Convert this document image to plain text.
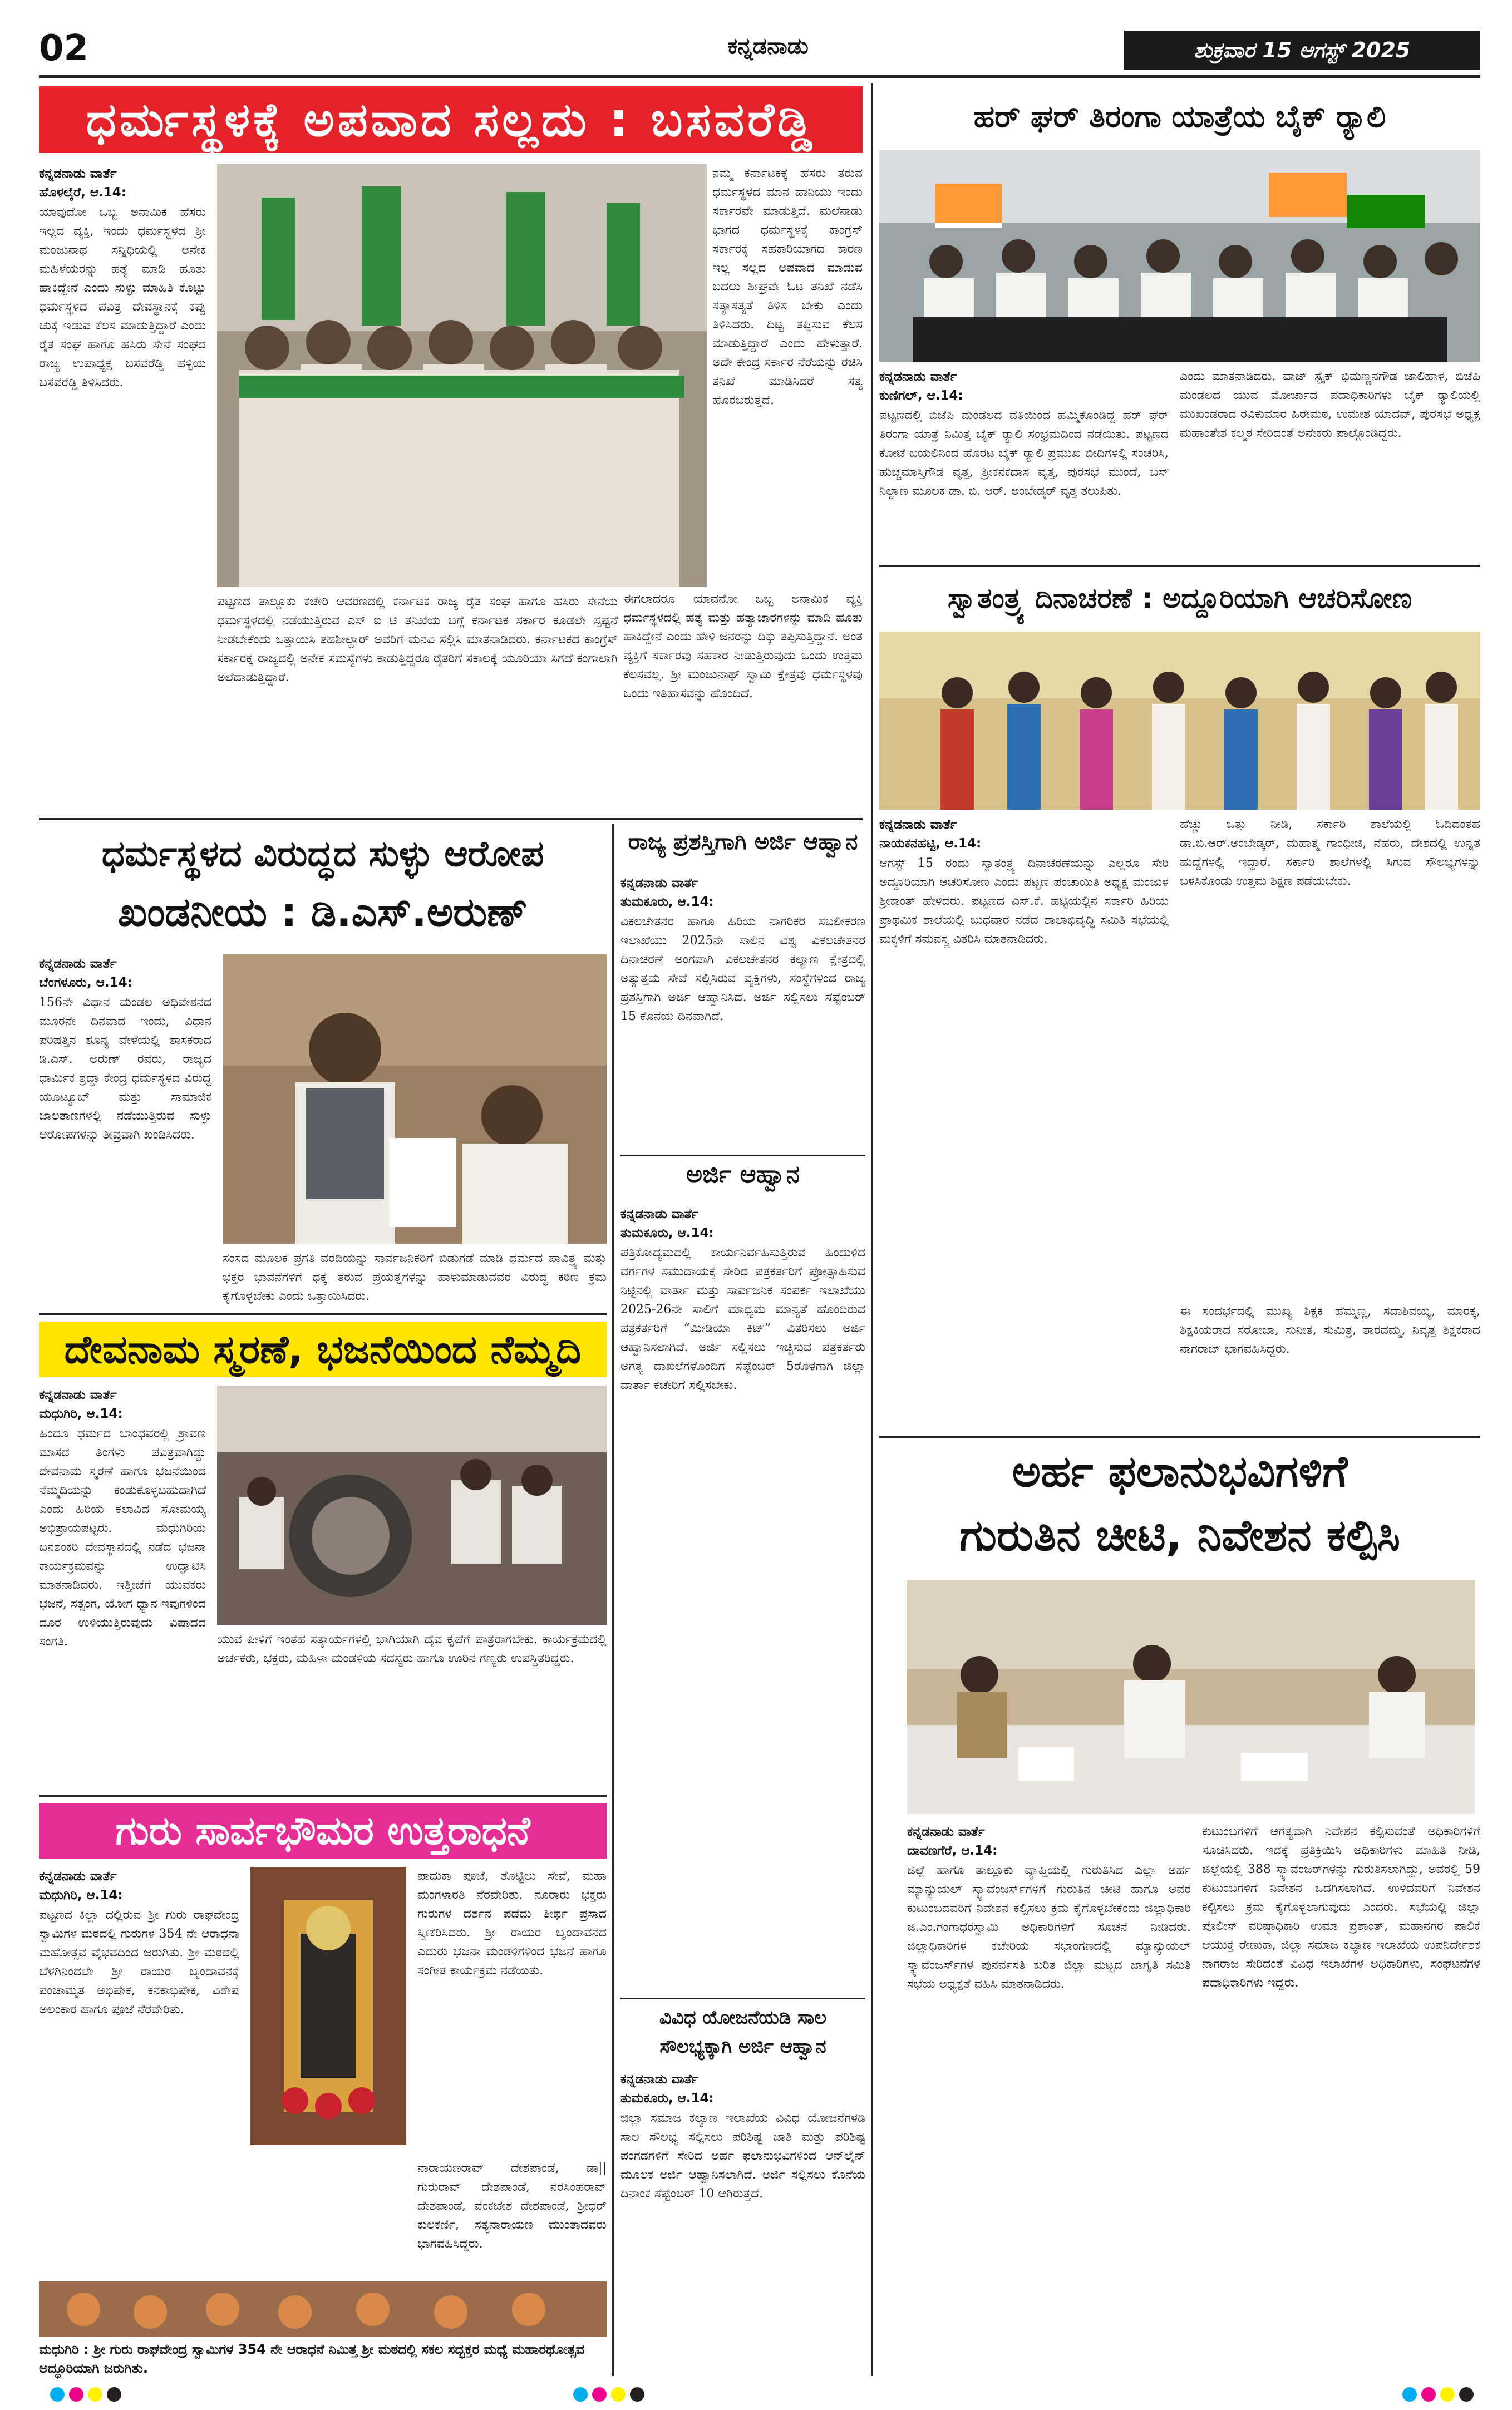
02	ಕನ್ನಡನಾಡು	ಶುಕ್ರವಾರ 15 ಆಗಸ್ಟ್ 2025
ಧರ್ಮಸ್ಥಳಕ್ಕೆ ಅಪವಾದ ಸಲ್ಲದು : ಬಸವರೆಡ್ಡಿ
ಕನ್ನಡನಾಡು ವಾರ್ತೆ
ಹೊಳಲ್ಕೆರೆ, ಆ.14:
ಯಾವುದೋ ಒಬ್ಬ ಅನಾಮಿಕ ಹೆಸರು ಇಲ್ಲದ ವ್ಯಕ್ತಿ, ಇಂದು ಧರ್ಮಸ್ಥಳದ ಶ್ರೀ ಮಂಜುನಾಥ ಸನ್ನಿಧಿಯಲ್ಲಿ ಅನೇಕ ಮಹಿಳೆಯರನ್ನು ಹತ್ಯೆ ಮಾಡಿ ಹೂತು ಹಾಕಿದ್ದೇನೆ ಎಂದು ಸುಳ್ಳು ಮಾಹಿತಿ ಕೊಟ್ಟು ಧರ್ಮಸ್ಥಳದ ಪವಿತ್ರ ದೇವಸ್ಥಾನಕ್ಕೆ ಕಪ್ಪು ಚುಕ್ಕೆ ಇಡುವ ಕೆಲಸ ಮಾಡುತ್ತಿದ್ದಾರೆ ಎಂದು ರೈತ ಸಂಘ ಹಾಗೂ ಹಸಿರು ಸೇನೆ ಸಂಘದ ರಾಜ್ಯ ಉಪಾಧ್ಯಕ್ಷ ಬಸವರೆಡ್ಡಿ ಹಳ್ಳಿಯ ಬಸವರೆಡ್ಡಿ ತಿಳಿಸಿದರು.
ಈಗಲಾದರೂ ಯಾವನೋ ಒಬ್ಬ ಅನಾಮಿಕ ವ್ಯಕ್ತಿ ಧರ್ಮಸ್ಥಳದಲ್ಲಿ ಹತ್ಯೆ ಮತ್ತು ಹತ್ಯಾಚಾರಗಳನ್ನು ಮಾಡಿ ಹೂತು ಹಾಕಿದ್ದೇನೆ ಎಂದು ಹೇಳಿ ಜನರನ್ನು ದಿಕ್ಕು ತಪ್ಪಿಸುತ್ತಿದ್ದಾನೆ. ಅಂತ ವ್ಯಕ್ತಿಗೆ ಸರ್ಕಾರವು ಸಹಕಾರ ನೀಡುತ್ತಿರುವುದು ಒಂದು ಉತ್ತಮ ಕೆಲಸವಲ್ಲ. ಶ್ರೀ ಮಂಜುನಾಥ್ ಸ್ವಾಮಿ ಕ್ಷೇತ್ರವು ಧರ್ಮಸ್ಥಳವು ಒಂದು ಇತಿಹಾಸವನ್ನು ಹೊಂದಿದೆ.
ನಮ್ಮ ಕರ್ನಾಟಕಕ್ಕೆ ಹೆಸರು ತರುವ ಧರ್ಮಸ್ಥಳದ ಮಾನ ಹಾನಿಯು ಇಂದು ಸರ್ಕಾರವೇ ಮಾಡುತ್ತಿದೆ. ಮಲೆನಾಡು ಭಾಗದ ಧರ್ಮಸ್ಥಳಕ್ಕೆ ಕಾಂಗ್ರೆಸ್ ಸರ್ಕಾರಕ್ಕೆ ಸಹಕಾರಿಯಾಗದ ಕಾರಣ ಇಲ್ಲ ಸಲ್ಲದ ಅಪವಾದ ಮಾಡುವ ಬದಲು ಶೀಘ್ರವೇ ಓಟ ತನಿಖೆ ನಡೆಸಿ ಸತ್ಯಾಸತ್ಯತೆ ತಿಳಿಸ ಬೇಕು ಎಂದು ತಿಳಿಸಿದರು. ದಿಟ್ಟ ತಪ್ಪಿಸುವ ಕೆಲಸ ಮಾಡುತ್ತಿದ್ದಾರೆ ಎಂದು ಹೇಳುತ್ತಾರೆ. ಅದೇ ಕೇಂದ್ರ ಸರ್ಕಾರ ನೆರೆಯನ್ನು ರಚಿಸಿ ತನಿಖೆ ಮಾಡಿಸಿದರೆ ಸತ್ಯ ಹೊರಬರುತ್ತದೆ.
ಪಟ್ಟಣದ ತಾಲ್ಲೂಕು ಕಚೇರಿ ಆವರಣದಲ್ಲಿ ಕರ್ನಾಟಕ ರಾಜ್ಯ ರೈತ ಸಂಘ ಹಾಗೂ ಹಸಿರು ಸೇನೆಯ ಧರ್ಮಸ್ಥಳದಲ್ಲಿ ನಡೆಯುತ್ತಿರುವ ಎಸ್ ಐ ಟಿ ತನಿಖೆಯ ಬಗ್ಗೆ ಕರ್ನಾಟಕ ಸರ್ಕಾರ ಕೂಡಲೇ ಸ್ಪಷ್ಟನೆ ನೀಡಬೇಕೆಂದು ಒತ್ತಾಯಿಸಿ ತಹಶೀಲ್ದಾರ್ ಅವರಿಗೆ ಮನವಿ ಸಲ್ಲಿಸಿ ಮಾತನಾಡಿದರು. ಕರ್ನಾಟಕದ ಕಾಂಗ್ರೆಸ್ ಸರ್ಕಾರಕ್ಕೆ ರಾಜ್ಯದಲ್ಲಿ ಅನೇಕ ಸಮಸ್ಯೆಗಳು ಕಾಡುತ್ತಿದ್ದರೂ ರೈತರಿಗೆ ಸಕಾಲಕ್ಕೆ ಯೂರಿಯಾ ಸಿಗದೆ ಕಂಗಾಲಾಗಿ ಅಲೆದಾಡುತ್ತಿದ್ದಾರೆ.
ಧರ್ಮಸ್ಥಳದ ವಿರುದ್ಧದ ಸುಳ್ಳು ಆರೋಪ
ಖಂಡನೀಯ : ಡಿ.ಎಸ್.ಅರುಣ್
ಕನ್ನಡನಾಡು ವಾರ್ತೆ
ಬೆಂಗಳೂರು, ಆ.14:
156ನೇ ವಿಧಾನ ಮಂಡಲ ಅಧಿವೇಶನದ ಮೂರನೇ ದಿನವಾದ ಇಂದು, ವಿಧಾನ ಪರಿಷತ್ತಿನ ಶೂನ್ಯ ವೇಳೆಯಲ್ಲಿ ಶಾಸಕರಾದ ಡಿ.ಎಸ್. ಅರುಣ್ ರವರು, ರಾಜ್ಯದ ಧಾರ್ಮಿಕ ಶ್ರದ್ಧಾ ಕೇಂದ್ರ ಧರ್ಮಸ್ಥಳದ ವಿರುದ್ಧ ಯೂಟ್ಯೂಬ್ ಮತ್ತು ಸಾಮಾಜಿಕ ಜಾಲತಾಣಗಳಲ್ಲಿ ನಡೆಯುತ್ತಿರುವ ಸುಳ್ಳು ಆರೋಪಗಳನ್ನು ತೀವ್ರವಾಗಿ ಖಂಡಿಸಿದರು.
ಸಂಸದ ಮೂಲಕ ಪ್ರಗತಿ ವರದಿಯನ್ನು ಸಾರ್ವಜನಿಕರಿಗೆ ಬಿಡುಗಡೆ ಮಾಡಿ ಧರ್ಮದ ಪಾವಿತ್ರ್ಯ ಮತ್ತು ಭಕ್ತರ ಭಾವನೆಗಳಿಗೆ ಧಕ್ಕೆ ತರುವ ಪ್ರಯತ್ನಗಳನ್ನು ಹಾಳುಮಾಡುವವರ ವಿರುದ್ಧ ಕಠಿಣ ಕ್ರಮ ಕೈಗೊಳ್ಳಬೇಕು ಎಂದು ಒತ್ತಾಯಿಸಿದರು.
ದೇವನಾಮ ಸ್ಮರಣೆ, ಭಜನೆಯಿಂದ ನೆಮ್ಮದಿ
ಕನ್ನಡನಾಡು ವಾರ್ತೆ
ಮಧುಗಿರಿ, ಆ.14:
ಹಿಂದೂ ಧರ್ಮದ ಬಾಂಧವರಲ್ಲಿ ಶ್ರಾವಣ ಮಾಸದ ತಿಂಗಳು ಪವಿತ್ರವಾಗಿದ್ದು ದೇವನಾಮ ಸ್ಮರಣೆ ಹಾಗೂ ಭಜನೆಯಿಂದ ನೆಮ್ಮದಿಯನ್ನು ಕಂಡುಕೊಳ್ಳಬಹುದಾಗಿದೆ ಎಂದು ಹಿರಿಯ ಕಲಾವಿದ ಸೋಮಯ್ಯ ಅಭಿಪ್ರಾಯಪಟ್ಟರು. ಮಧುಗಿರಿಯ ಬನಶಂಕರಿ ದೇವಸ್ಥಾನದಲ್ಲಿ ನಡೆದ ಭಜನಾ ಕಾರ್ಯಕ್ರಮವನ್ನು ಉದ್ಘಾಟಿಸಿ ಮಾತನಾಡಿದರು. ಇತ್ತೀಚೆಗೆ ಯುವಕರು ಭಜನೆ, ಸತ್ಸಂಗ, ಯೋಗ ಧ್ಯಾನ ಇವುಗಳಿಂದ ದೂರ ಉಳಿಯುತ್ತಿರುವುದು ವಿಷಾದದ ಸಂಗತಿ.	ಯುವ ಪೀಳಿಗೆ ಇಂತಹ ಸತ್ಕಾರ್ಯಗಳಲ್ಲಿ ಭಾಗಿಯಾಗಿ ದೈವ ಕೃಪೆಗೆ ಪಾತ್ರರಾಗಬೇಕು. ಕಾರ್ಯಕ್ರಮದಲ್ಲಿ ಅರ್ಚಕರು, ಭಕ್ತರು, ಮಹಿಳಾ ಮಂಡಳಿಯ ಸದಸ್ಯರು ಹಾಗೂ ಊರಿನ ಗಣ್ಯರು ಉಪಸ್ಥಿತರಿದ್ದರು.
ಗುರು ಸಾರ್ವಭೌಮರ ಉತ್ತರಾಧನೆ
ಕನ್ನಡನಾಡು ವಾರ್ತೆ
ಮಧುಗಿರಿ, ಆ.14:
ಪಟ್ಟಣದ ಕಿಲ್ಲಾ ದಲ್ಲಿರುವ ಶ್ರೀ ಗುರು ರಾಘವೇಂದ್ರ ಸ್ವಾಮಿಗಳ ಮಠದಲ್ಲಿ ಗುರುಗಳ 354 ನೇ ಆರಾಧನಾ ಮಹೋತ್ಸವ ವೈಭವದಿಂದ ಜರುಗಿತು. ಶ್ರೀ ಮಠದಲ್ಲಿ ಬೆಳಗಿನಿಂದಲೇ ಶ್ರೀ ರಾಯರ ಬೃಂದಾವನಕ್ಕೆ ಪಂಚಾಮೃತ ಅಭಿಷೇಕ, ಕನಕಾಭಿಷೇಕ, ವಿಶೇಷ ಅಲಂಕಾರ ಹಾಗೂ ಪೂಜೆ ನೆರವೇರಿತು.
ಪಾದುಕಾ ಪೂಜೆ, ತೊಟ್ಟಿಲು ಸೇವೆ, ಮಹಾ ಮಂಗಳಾರತಿ ನೆರವೇರಿತು. ನೂರಾರು ಭಕ್ತರು ಗುರುಗಳ ದರ್ಶನ ಪಡೆದು ತೀರ್ಥ ಪ್ರಸಾದ ಸ್ವೀಕರಿಸಿದರು. ಶ್ರೀ ರಾಯರ ಬೃಂದಾವನದ ಎದುರು ಭಜನಾ ಮಂಡಳಿಗಳಿಂದ ಭಜನೆ ಹಾಗೂ ಸಂಗೀತ ಕಾರ್ಯಕ್ರಮ ನಡೆಯಿತು.
ನಾರಾಯಣರಾವ್ ದೇಶಪಾಂಡೆ, ಡಾ|| ಗುರುರಾವ್ ದೇಶಪಾಂಡೆ, ನರಸಿಂಹರಾವ್ ದೇಶಪಾಂಡೆ, ವೆಂಕಟೇಶ ದೇಶಪಾಂಡೆ, ಶ್ರೀಧರ್ ಕುಲಕರ್ಣಿ, ಸತ್ಯನಾರಾಯಣ ಮುಂತಾದವರು ಭಾಗವಹಿಸಿದ್ದರು.
ಮಧುಗಿರಿ : ಶ್ರೀ ಗುರು ರಾಘವೇಂದ್ರ ಸ್ವಾಮಿಗಳ 354 ನೇ ಆರಾಧನೆ ನಿಮಿತ್ತ ಶ್ರೀ ಮಠದಲ್ಲಿ ಸಕಲ ಸದ್ಭಕ್ತರ ಮಧ್ಯೆ ಮಹಾರಥೋತ್ಸವ ಅದ್ಧೂರಿಯಾಗಿ ಜರುಗಿತು.
ರಾಜ್ಯ ಪ್ರಶಸ್ತಿಗಾಗಿ ಅರ್ಜಿ ಆಹ್ವಾನ
ಕನ್ನಡನಾಡು ವಾರ್ತೆ
ತುಮಕೂರು, ಆ.14:
ವಿಕಲಚೇತನರ ಹಾಗೂ ಹಿರಿಯ ನಾಗರಿಕರ ಸಬಲೀಕರಣ ಇಲಾಖೆಯು 2025ನೇ ಸಾಲಿನ ವಿಶ್ವ ವಿಕಲಚೇತನರ ದಿನಾಚರಣೆ ಅಂಗವಾಗಿ ವಿಕಲಚೇತನರ ಕಲ್ಯಾಣ ಕ್ಷೇತ್ರದಲ್ಲಿ ಅತ್ಯುತ್ತಮ ಸೇವೆ ಸಲ್ಲಿಸಿರುವ ವ್ಯಕ್ತಿಗಳು, ಸಂಸ್ಥೆಗಳಿಂದ ರಾಜ್ಯ ಪ್ರಶಸ್ತಿಗಾಗಿ ಅರ್ಜಿ ಆಹ್ವಾನಿಸಿದೆ. ಅರ್ಜಿ ಸಲ್ಲಿಸಲು ಸೆಪ್ಟೆಂಬರ್ 15 ಕೊನೆಯ ದಿನವಾಗಿದೆ.
ಅರ್ಜಿ ಆಹ್ವಾನ
ಕನ್ನಡನಾಡು ವಾರ್ತೆ
ತುಮಕೂರು, ಆ.14:
ಪತ್ರಿಕೋದ್ಯಮದಲ್ಲಿ ಕಾರ್ಯನಿರ್ವಹಿಸುತ್ತಿರುವ ಹಿಂದುಳಿದ ವರ್ಗಗಳ ಸಮುದಾಯಕ್ಕೆ ಸೇರಿದ ಪತ್ರಕರ್ತರಿಗೆ ಪ್ರೋತ್ಸಾಹಿಸುವ ನಿಟ್ಟಿನಲ್ಲಿ ವಾರ್ತಾ ಮತ್ತು ಸಾರ್ವಜನಿಕ ಸಂಪರ್ಕ ಇಲಾಖೆಯು 2025-26ನೇ ಸಾಲಿಗೆ ಮಾಧ್ಯಮ ಮಾನ್ಯತೆ ಹೊಂದಿರುವ ಪತ್ರಕರ್ತರಿಗೆ “ಮೀಡಿಯಾ ಕಿಟ್” ವಿತರಿಸಲು ಅರ್ಜಿ ಆಹ್ವಾನಿಸಲಾಗಿದೆ. ಅರ್ಜಿ ಸಲ್ಲಿಸಲು ಇಚ್ಛಿಸುವ ಪತ್ರಕರ್ತರು ಅಗತ್ಯ ದಾಖಲೆಗಳೊಂದಿಗೆ ಸೆಪ್ಟೆಂಬರ್ 5ರೊಳಗಾಗಿ ಜಿಲ್ಲಾ ವಾರ್ತಾ ಕಚೇರಿಗೆ ಸಲ್ಲಿಸಬೇಕು.
ವಿವಿಧ ಯೋಜನೆಯಡಿ ಸಾಲ ಸೌಲಭ್ಯಕ್ಕಾಗಿ ಅರ್ಜಿ ಆಹ್ವಾನ
ಕನ್ನಡನಾಡು ವಾರ್ತೆ
ತುಮಕೂರು, ಆ.14:
ಜಿಲ್ಲಾ ಸಮಾಜ ಕಲ್ಯಾಣ ಇಲಾಖೆಯ ವಿವಿಧ ಯೋಜನೆಗಳಡಿ ಸಾಲ ಸೌಲಭ್ಯ ಸಲ್ಲಿಸಲು ಪರಿಶಿಷ್ಟ ಜಾತಿ ಮತ್ತು ಪರಿಶಿಷ್ಟ ಪಂಗಡಗಳಿಗೆ ಸೇರಿದ ಅರ್ಹ ಫಲಾನುಭವಿಗಳಿಂದ ಆನ್‌ಲೈನ್ ಮೂಲಕ ಅರ್ಜಿ ಆಹ್ವಾನಿಸಲಾಗಿದೆ. ಅರ್ಜಿ ಸಲ್ಲಿಸಲು ಕೊನೆಯ ದಿನಾಂಕ ಸೆಪ್ಟೆಂಬರ್ 10 ಆಗಿರುತ್ತದೆ.
ಹರ್ ಘರ್ ತಿರಂಗಾ ಯಾತ್ರೆಯ ಬೈಕ್ ರ‍್ಯಾಲಿ
ಕನ್ನಡನಾಡು ವಾರ್ತೆ
ಕುಣಿಗಲ್, ಆ.14:
ಪಟ್ಟಣದಲ್ಲಿ ಬಿಜೆಪಿ ಮಂಡಲದ ವತಿಯಿಂದ ಹಮ್ಮಿಕೊಂಡಿದ್ದ ಹರ್ ಘರ್ ತಿರಂಗಾ ಯಾತ್ರೆ ನಿಮಿತ್ತ ಬೈಕ್ ರ‍್ಯಾಲಿ ಸಂಭ್ರಮದಿಂದ ನಡೆಯಿತು. ಪಟ್ಟಣದ ಕೋಟೆ ಬಯಲಿನಿಂದ ಹೊರಟ ಬೈಕ್ ರ‍್ಯಾಲಿ ಪ್ರಮುಖ ಬೀದಿಗಳಲ್ಲಿ ಸಂಚರಿಸಿ, ಹುಚ್ಚಮಾಸ್ತಿಗೌಡ ವೃತ್ತ, ಶ್ರೀಕನಕದಾಸ ವೃತ್ತ, ಪುರಸಭೆ ಮುಂದೆ, ಬಸ್ ನಿಲ್ದಾಣ ಮೂಲಕ ಡಾ. ಬಿ. ಆರ್. ಅಂಬೇಡ್ಕರ್ ವೃತ್ತ ತಲುಪಿತು.
ಎಂದು ಮಾತನಾಡಿದರು. ವಾಜ್ ಸ್ಟೈಕ್ ಭಿಮಣ್ಣನಗೌಡ ಜಾಲಿಹಾಳ, ಬಿಜೆಪಿ ಮಂಡಲದ ಯುವ ಮೋರ್ಚಾದ ಪದಾಧಿಕಾರಿಗಳು ಬೈಕ್ ರ‍್ಯಾಲಿಯಲ್ಲಿ ಮುಖಂಡರಾದ ರವಿಕುಮಾರ ಹಿರೇಮಠ, ಉಮೇಶ ಯಾದವ್, ಪುರಸಭೆ ಅಧ್ಯಕ್ಷ ಮಹಾಂತೇಶ ಕಲ್ಮಠ ಸೇರಿದಂತೆ ಅನೇಕರು ಪಾಲ್ಗೊಂಡಿದ್ದರು.
ಸ್ವಾತಂತ್ರ್ಯ ದಿನಾಚರಣೆ : ಅದ್ದೂರಿಯಾಗಿ ಆಚರಿಸೋಣ
ಕನ್ನಡನಾಡು ವಾರ್ತೆ
ನಾಯಕನಹಟ್ಟಿ, ಆ.14:
ಆಗಸ್ಟ್ 15 ರಂದು ಸ್ವಾತಂತ್ರ್ಯ ದಿನಾಚರಣೆಯನ್ನು ಎಲ್ಲರೂ ಸೇರಿ ಅದ್ದೂರಿಯಾಗಿ ಆಚರಿಸೋಣ ಎಂದು ಪಟ್ಟಣ ಪಂಚಾಯಿತಿ ಅಧ್ಯಕ್ಷ ಮಂಜುಳ ಶ್ರೀಕಾಂತ್ ಹೇಳಿದರು. ಪಟ್ಟಣದ ಎಸ್.ಕೆ. ಹಟ್ಟಿಯಲ್ಲಿನ ಸರ್ಕಾರಿ ಹಿರಿಯ ಪ್ರಾಥಮಿಕ ಶಾಲೆಯಲ್ಲಿ ಬುಧವಾರ ನಡೆದ ಶಾಲಾಭಿವೃದ್ಧಿ ಸಮಿತಿ ಸಭೆಯಲ್ಲಿ ಮಕ್ಕಳಿಗೆ ಸಮವಸ್ತ್ರ ವಿತರಿಸಿ ಮಾತನಾಡಿದರು.
ಹೆಚ್ಚು ಒತ್ತು ನೀಡಿ, ಸರ್ಕಾರಿ ಶಾಲೆಯಲ್ಲಿ ಓದಿದಂತಹ ಡಾ.ಬಿ.ಆರ್.ಅಂಬೇಡ್ಕರ್, ಮಹಾತ್ಮ ಗಾಂಧೀಜಿ, ನೆಹರು, ದೇಶದಲ್ಲಿ ಉನ್ನತ ಹುದ್ದೆಗಳಲ್ಲಿ ಇದ್ದಾರೆ. ಸರ್ಕಾರಿ ಶಾಲೆಗಳಲ್ಲಿ ಸಿಗುವ ಸೌಲಭ್ಯಗಳನ್ನು ಬಳಸಿಕೊಂಡು ಉತ್ತಮ ಶಿಕ್ಷಣ ಪಡೆಯಬೇಕು.
ಈ ಸಂದರ್ಭದಲ್ಲಿ ಮುಖ್ಯ ಶಿಕ್ಷಕ ಹೆಮ್ಮಣ್ಣ, ಸದಾಶಿವಯ್ಯ, ಮಾರಕ್ಕ, ಶಿಕ್ಷಕಿಯರಾದ ಸರೋಜಾ, ಸುನೀತ, ಸುಮಿತ್ರ, ಶಾರದಮ್ಮ, ನಿವೃತ್ತ ಶಿಕ್ಷಕರಾದ ನಾಗರಾಜ್ ಭಾಗವಹಿಸಿದ್ದರು.
ಅರ್ಹ ಫಲಾನುಭವಿಗಳಿಗೆ
ಗುರುತಿನ ಚೀಟಿ, ನಿವೇಶನ ಕಲ್ಪಿಸಿ
ಕನ್ನಡನಾಡು ವಾರ್ತೆ
ದಾವಣಗೆರೆ, ಆ.14:
ಜಿಲ್ಲೆ ಹಾಗೂ ತಾಲ್ಲೂಕು ವ್ಯಾಪ್ತಿಯಲ್ಲಿ ಗುರುತಿಸಿದ ಎಲ್ಲಾ ಅರ್ಹ ಮ್ಯಾನ್ಯುಯಲ್ ಸ್ಕ್ಯಾವೆಂಜರ್ಸ್‌ಗಳಿಗೆ ಗುರುತಿನ ಚೀಟಿ ಹಾಗೂ ಅವರ ಕುಟುಂಬದವರಿಗೆ ನಿವೇಶನ ಕಲ್ಪಿಸಲು ಕ್ರಮ ಕೈಗೊಳ್ಳಬೇಕೆಂದು ಜಿಲ್ಲಾಧಿಕಾರಿ ಜಿ.ಎಂ.ಗಂಗಾಧರಸ್ವಾಮಿ ಅಧಿಕಾರಿಗಳಿಗೆ ಸೂಚನೆ ನೀಡಿದರು. ಜಿಲ್ಲಾಧಿಕಾರಿಗಳ ಕಚೇರಿಯ ಸಭಾಂಗಣದಲ್ಲಿ ಮ್ಯಾನ್ಯುಯಲ್ ಸ್ಕ್ಯಾವೆಂಜರ್ಸ್‌ಗಳ ಪುನರ್ವಸತಿ ಕುರಿತ ಜಿಲ್ಲಾ ಮಟ್ಟದ ಜಾಗೃತಿ ಸಮಿತಿ ಸಭೆಯ ಅಧ್ಯಕ್ಷತೆ ವಹಿಸಿ ಮಾತನಾಡಿದರು.
ಕುಟುಂಬಗಳಿಗೆ ಆಗತ್ಯವಾಗಿ ನಿವೇಶನ ಕಲ್ಪಿಸುವಂತೆ ಅಧಿಕಾರಿಗಳಿಗೆ ಸೂಚಿಸಿದರು. ಇದಕ್ಕೆ ಪ್ರತಿಕ್ರಿಯಿಸಿ ಅಧಿಕಾರಿಗಳು ಮಾಹಿತಿ ನೀಡಿ, ಜಿಲ್ಲೆಯಲ್ಲಿ 388 ಸ್ಕ್ಯಾವೆಂಜರ್‌ಗಳನ್ನು ಗುರುತಿಸಲಾಗಿದ್ದು, ಅವರಲ್ಲಿ 59 ಕುಟುಂಬಗಳಿಗೆ ನಿವೇಶನ ಒದಗಿಸಲಾಗಿದೆ. ಉಳಿದವರಿಗೆ ನಿವೇಶನ ಕಲ್ಪಿಸಲು ಕ್ರಮ ಕೈಗೊಳ್ಳಲಾಗುವುದು ಎಂದರು. ಸಭೆಯಲ್ಲಿ ಜಿಲ್ಲಾ ಪೊಲೀಸ್ ವರಿಷ್ಠಾಧಿಕಾರಿ ಉಮಾ ಪ್ರಶಾಂತ್, ಮಹಾನಗರ ಪಾಲಿಕೆ ಆಯುಕ್ತೆ ರೇಣುಕಾ, ಜಿಲ್ಲಾ ಸಮಾಜ ಕಲ್ಯಾಣ ಇಲಾಖೆಯ ಉಪನಿರ್ದೇಶಕ ನಾಗರಾಜ ಸೇರಿದಂತೆ ವಿವಿಧ ಇಲಾಖೆಗಳ ಅಧಿಕಾರಿಗಳು, ಸಂಘಟನೆಗಳ ಪದಾಧಿಕಾರಿಗಳು ಇದ್ದರು.
